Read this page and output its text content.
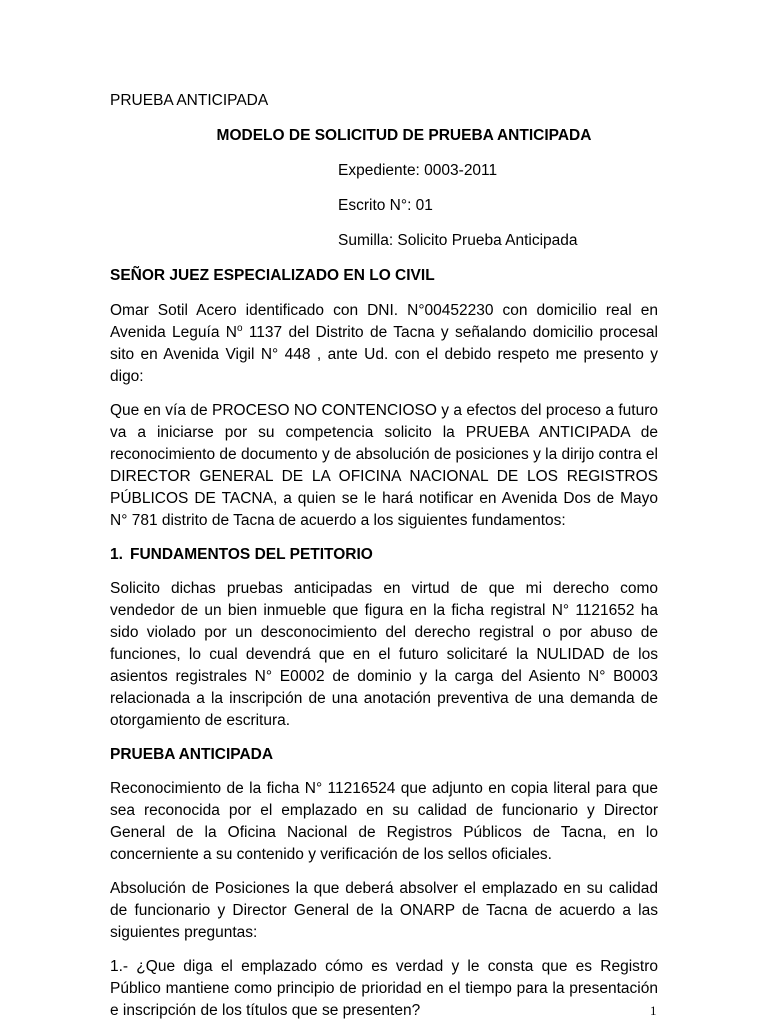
PRUEBA ANTICIPADA

MODELO DE SOLICITUD DE PRUEBA ANTICIPADA

Expediente: 0003-2011

Escrito N°: 01

Sumilla: Solicito Prueba Anticipada

SEÑOR JUEZ ESPECIALIZADO EN LO CIVIL

Omar Sotil Acero identificado con DNI. N°00452230 con domicilio real en Avenida Leguía $N^o$ 1137 del Distrito de Tacna y señalando domicilio procesal sito en Avenida Vigil N° 448 , ante Ud. con el debido respeto me presento y digo:

Que en vía de PROCESO NO CONTENCIOSO y a efectos del proceso a futuro va a iniciarse por su competencia solicito la PRUEBA ANTICIPADA de reconocimiento de documento y de absolución de posiciones y la dirijo contra el DIRECTOR GENERAL DE LA OFICINA NACIONAL DE LOS REGISTROS PÚBLICOS DE TACNA, a quien se le hará notificar en Avenida Dos de Mayo N° 781 distrito de Tacna de acuerdo a los siguientes fundamentos:

1. FUNDAMENTOS DEL PETITORIO

Solicito dichas pruebas anticipadas en virtud de que mi derecho como vendedor de un bien inmueble que figura en la ficha registral N° 1121652 ha sido violado por un desconocimiento del derecho registral o por abuso de funciones, lo cual devendrá que en el futuro solicitaré la NULIDAD de los asientos registrales N° E0002 de dominio y la carga del Asiento N° B0003 relacionada a la inscripción de una anotación preventiva de una demanda de otorgamiento de escritura.

PRUEBA ANTICIPADA

Reconocimiento de la ficha N° 11216524 que adjunto en copia literal para que sea reconocida por el emplazado en su calidad de funcionario y Director General de la Oficina Nacional de Registros Públicos de Tacna, en lo concerniente a su contenido y verificación de los sellos oficiales.

Absolución de Posiciones la que deberá absolver el emplazado en su calidad de funcionario y Director General de la ONARP de Tacna de acuerdo a las siguientes preguntas:

1.- ¿Que diga el emplazado cómo es verdad y le consta que es Registro Público mantiene como principio de prioridad en el tiempo para la presentación e inscripción de los títulos que se presenten?	1
